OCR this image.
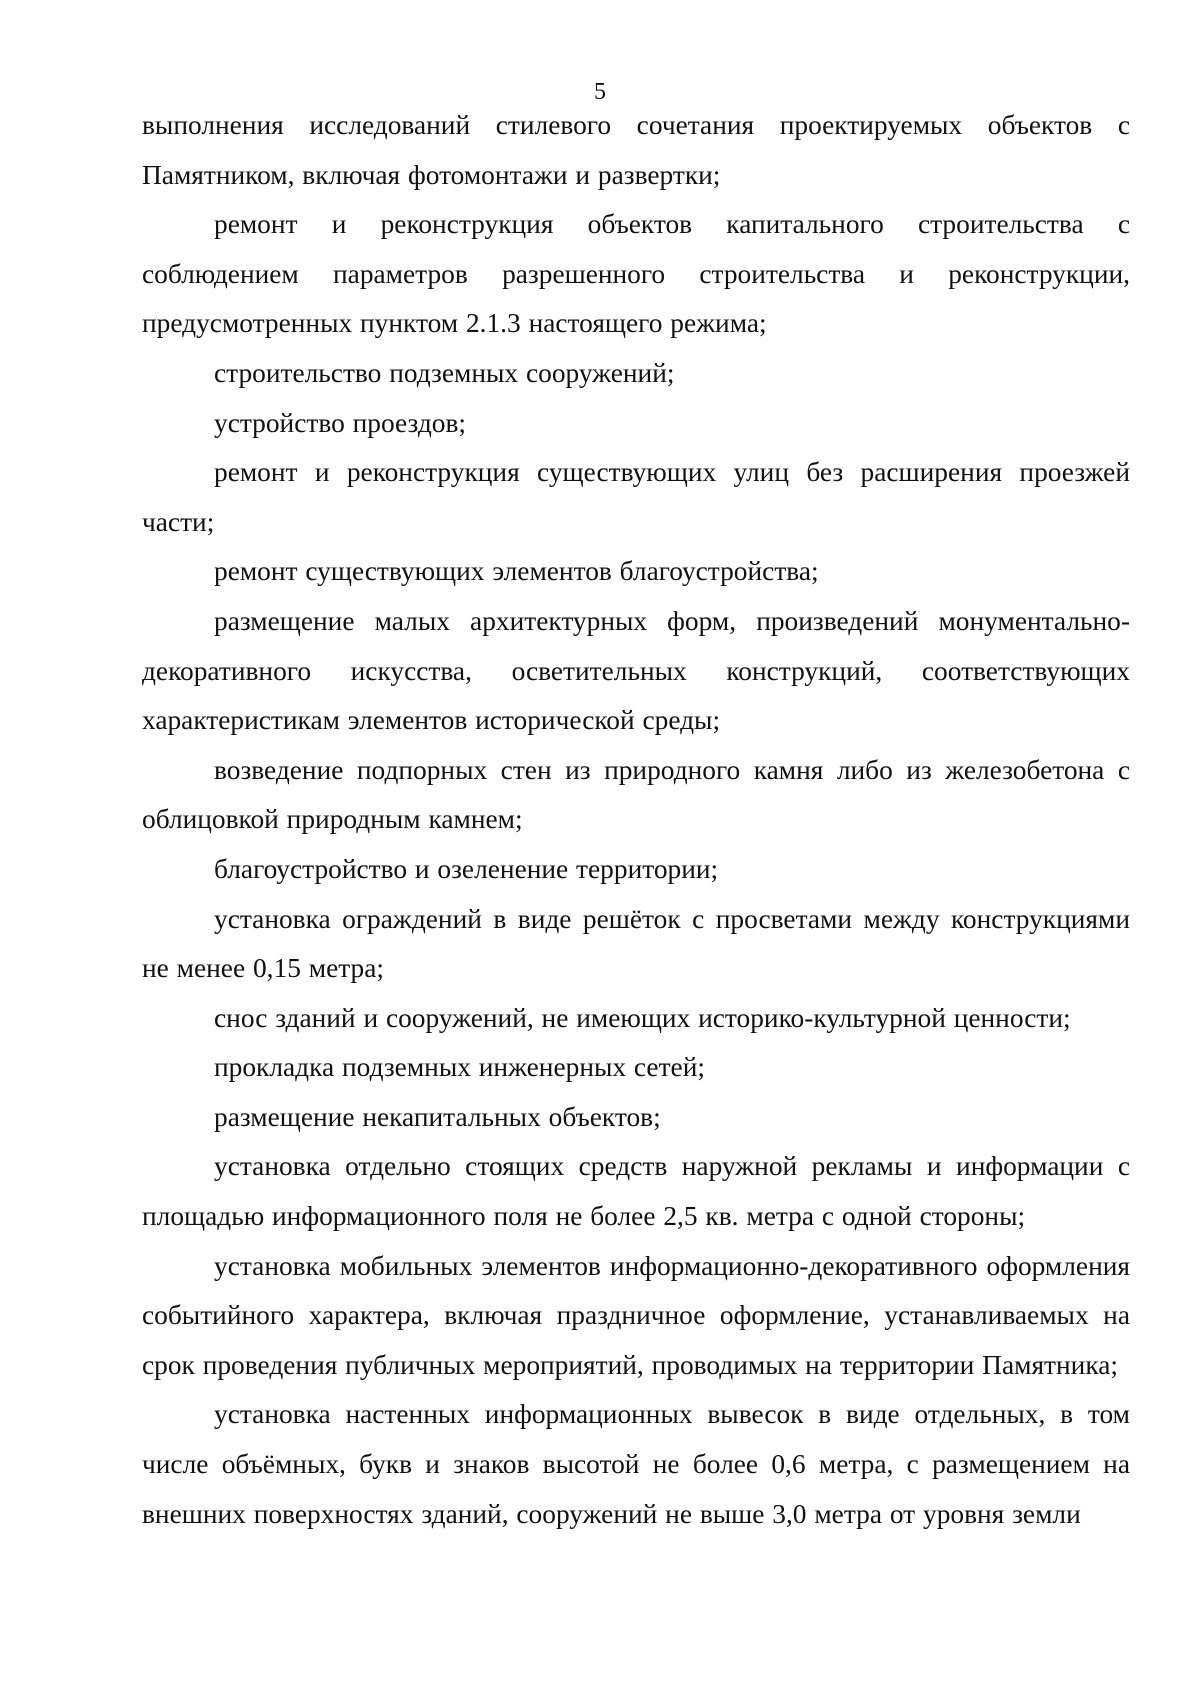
5

выполнения исследований стилевого сочетания проектируемых объектов с Памятником, включая фотомонтажи и развертки;

ремонт и реконструкция объектов капитального строительства с соблюдением параметров разрешенного строительства и реконструкции, предусмотренных пунктом 2.1.3 настоящего режима;

строительство подземных сооружений;

устройство проездов;

ремонт и реконструкция существующих улиц без расширения проезжей части;

ремонт существующих элементов благоустройства;

размещение малых архитектурных форм, произведений монументально-декоративного искусства, осветительных конструкций, соответствующих характеристикам элементов исторической среды;

возведение подпорных стен из природного камня либо из железобетона с облицовкой природным камнем;

благоустройство и озеленение территории;

установка ограждений в виде решёток с просветами между конструкциями не менее 0,15 метра;

снос зданий и сооружений, не имеющих историко-культурной ценности;

прокладка подземных инженерных сетей;

размещение некапитальных объектов;

установка отдельно стоящих средств наружной рекламы и информации с площадью информационного поля не более 2,5 кв. метра с одной стороны;

установка мобильных элементов информационно-декоративного оформления событийного характера, включая праздничное оформление, устанавливаемых на срок проведения публичных мероприятий, проводимых на территории Памятника;

установка настенных информационных вывесок в виде отдельных, в том числе объёмных, букв и знаков высотой не более 0,6 метра, с размещением на внешних поверхностях зданий, сооружений не выше 3,0 метра от уровня земли
